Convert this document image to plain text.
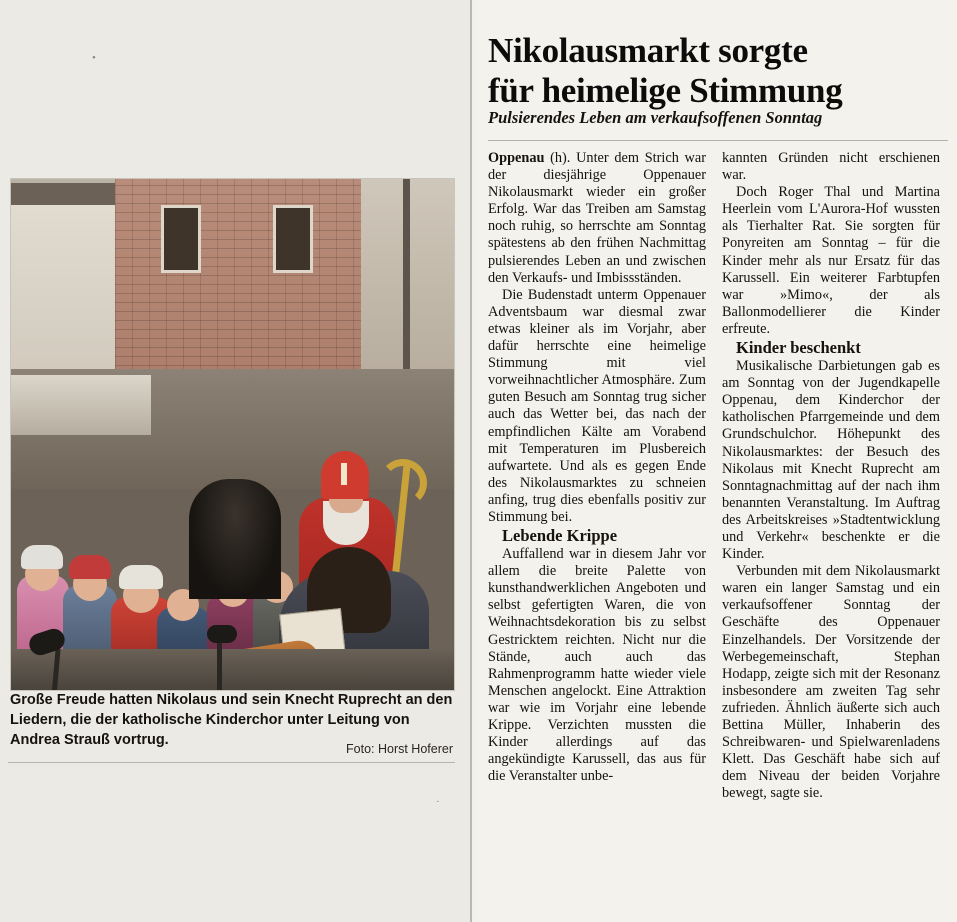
•
·
Große Freude hatten Nikolaus und sein Knecht Ruprecht an den Liedern, die der katholische Kinderchor unter Leitung von Andrea Strauß vortrug.
Foto: Horst Hoferer
Nikolausmarkt sorgte
für heimelige Stimmung
Pulsierendes Leben am verkaufsoffenen Sonntag

Oppenau (h). Unter dem Strich war der diesjährige Oppenauer Nikolausmarkt wieder ein großer Erfolg. War das Treiben am Samstag noch ruhig, so herrschte am Sonntag spätestens ab den frühen Nachmittag pulsierendes Leben an und zwischen den Verkaufs- und Imbissständen.

Die Budenstadt unterm Oppenauer Adventsbaum war diesmal zwar etwas kleiner als im Vorjahr, aber dafür herrschte eine heimelige Stimmung mit viel vorweihnachtlicher Atmosphäre. Zum guten Besuch am Sonntag trug sicher auch das Wetter bei, das nach der empfindlichen Kälte am Vorabend mit Temperaturen im Plusbereich aufwartete. Und als es gegen Ende des Nikolausmarktes zu schneien anfing, trug dies ebenfalls positiv zur Stimmung bei.

Lebende Krippe

Auffallend war in diesem Jahr vor allem die breite Palette von kunsthandwerklichen Angeboten und selbst gefertigten Waren, die von Weihnachtsdekoration bis zu selbst Gestricktem reichten. Nicht nur die Stände, auch auch das Rahmenprogramm hatte wieder viele Menschen angelockt. Eine Attraktion war wie im Vorjahr eine lebende Krippe. Verzichten mussten die Kinder allerdings auf das angekündigte Karussell, das aus für die Veranstalter unbe-

kannten Gründen nicht erschienen war.

Doch Roger Thal und Martina Heerlein vom L'Aurora-Hof wussten als Tierhalter Rat. Sie sorgten für Ponyreiten am Sonntag – für die Kinder mehr als nur Ersatz für das Karussell. Ein weiterer Farbtupfen war »Mimo«, der als Ballonmodellierer die Kinder erfreute.

Kinder beschenkt

Musikalische Darbietungen gab es am Sonntag von der Jugendkapelle Oppenau, dem Kinderchor der katholischen Pfarrgemeinde und dem Grundschulchor. Höhepunkt des Nikolausmarktes: der Besuch des Nikolaus mit Knecht Ruprecht am Sonntagnachmittag auf der nach ihm benannten Veranstaltung. Im Auftrag des Arbeitskreises »Stadtentwicklung und Verkehr« beschenkte er die Kinder.

Verbunden mit dem Nikolausmarkt waren ein langer Samstag und ein verkaufsoffener Sonntag der Geschäfte des Oppenauer Einzelhandels. Der Vorsitzende der Werbegemeinschaft, Stephan Hodapp, zeigte sich mit der Resonanz insbesondere am zweiten Tag sehr zufrieden. Ähnlich äußerte sich auch Bettina Müller, Inhaberin des Schreibwaren- und Spielwarenladens Klett. Das Geschäft habe sich auf dem Niveau der beiden Vorjahre bewegt, sagte sie.
